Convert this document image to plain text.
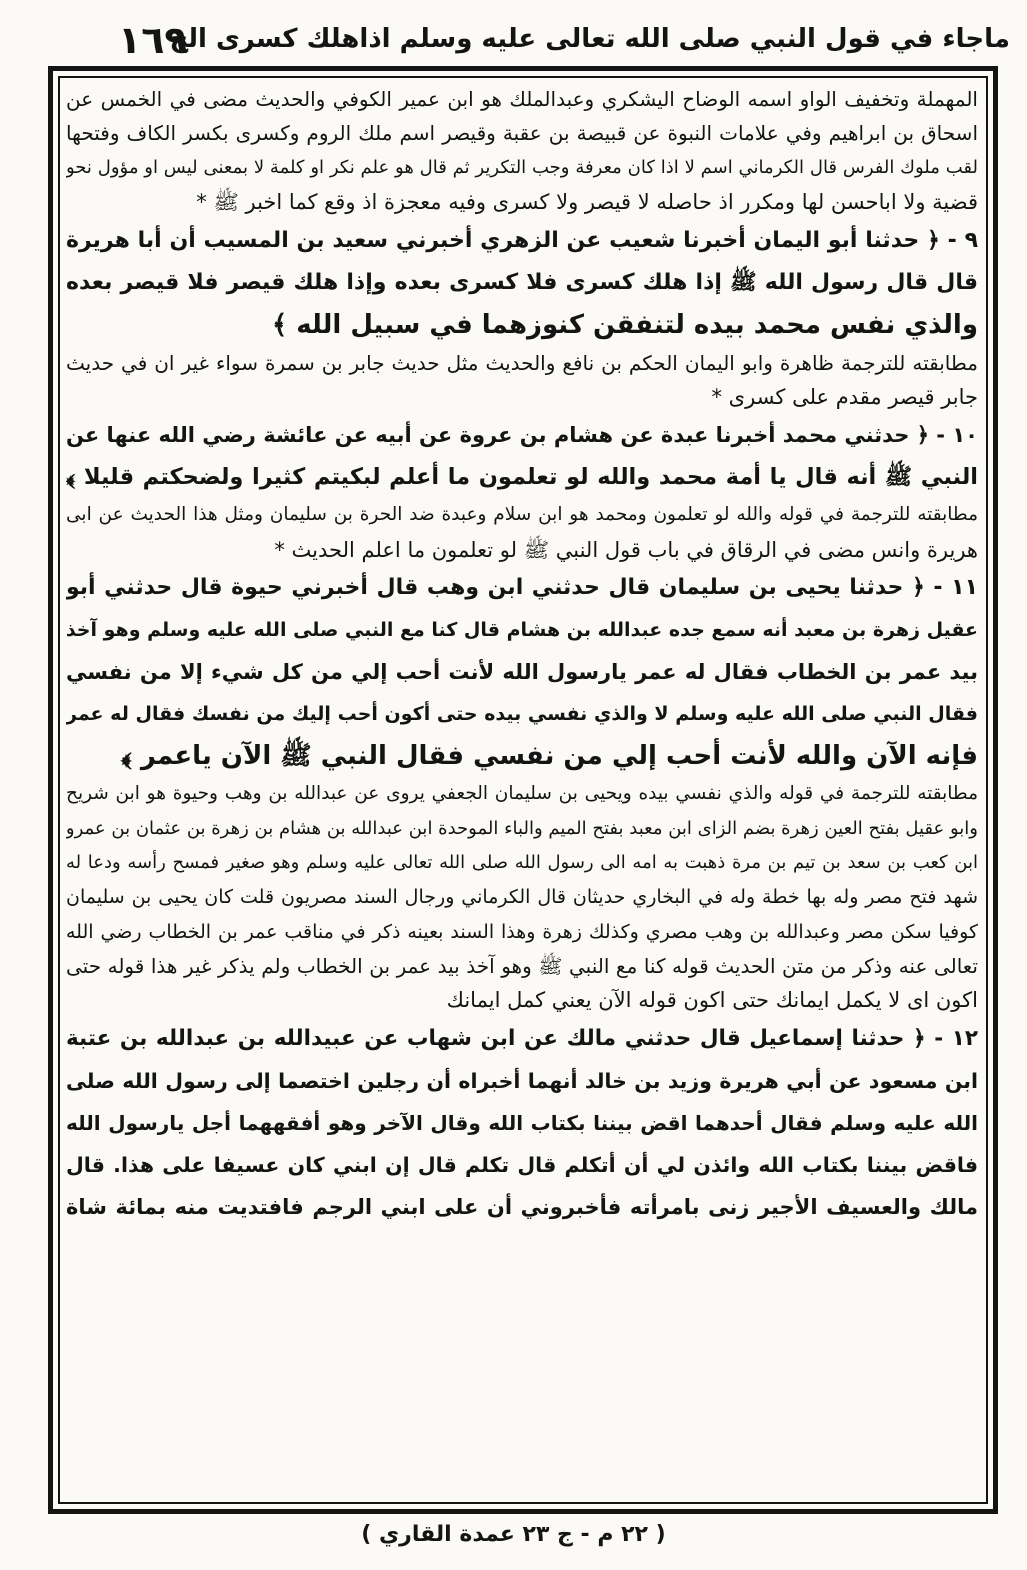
١٦٩
ماجاء في قول النبي صلى الله تعالى عليه وسلم اذاهلك كسرى الخ
المهملة وتخفيف الواو اسمه الوضاح اليشكري وعبدالملك هو ابن عمير الكوفي والحديث مضى في الخمس عن
اسحاق بن ابراهيم وفي علامات النبوة عن قبيصة بن عقبة وقيصر اسم ملك الروم وكسرى بكسر الكاف وفتحها
لقب ملوك الفرس قال الكرماني اسم لا اذا كان معرفة وجب التكرير ثم قال هو علم نكر او كلمة لا بمعنى ليس او مؤول نحو
قضية ولا اباحسن لها ومكرر اذ حاصله لا قيصر ولا كسرى وفيه معجزة اذ وقع كما اخبر ﷺ *
٩ - ﴿ حدثنا أبو اليمان أخبرنا شعيب عن الزهري أخبرني سعيد بن المسيب أن أبا هريرة
قال قال رسول الله ﷺ إذا هلك كسرى فلا كسرى بعده وإذا هلك قيصر فلا قيصر بعده
والذي نفس محمد بيده لتنفقن كنوزهما في سبيل الله ﴾
مطابقته للترجمة ظاهرة وابو اليمان الحكم بن نافع والحديث مثل حديث جابر بن سمرة سواء غير ان في حديث
جابر قيصر مقدم على كسرى *
١٠ - ﴿ حدثني محمد أخبرنا عبدة عن هشام بن عروة عن أبيه عن عائشة رضي الله عنها عن
النبي ﷺ أنه قال يا أمة محمد والله لو تعلمون ما أعلم لبكيتم كثيرا ولضحكتم قليلا ﴾
مطابقته للترجمة في قوله والله لو تعلمون ومحمد هو ابن سلام وعبدة ضد الحرة بن سليمان ومثل هذا الحديث عن ابى
هريرة وانس مضى في الرقاق في باب قول النبي ﷺ لو تعلمون ما اعلم الحديث *
١١ - ﴿ حدثنا يحيى بن سليمان قال حدثني ابن وهب قال أخبرني حيوة قال حدثني أبو
عقيل زهرة بن معبد أنه سمع جده عبدالله بن هشام قال كنا مع النبي صلى الله عليه وسلم وهو آخذ
بيد عمر بن الخطاب فقال له عمر يارسول الله لأنت أحب إلي من كل شيء إلا من نفسي
فقال النبي صلى الله عليه وسلم لا والذي نفسي بيده حتى أكون أحب إليك من نفسك فقال له عمر
فإنه الآن والله لأنت أحب إلي من نفسي فقال النبي ﷺ الآن ياعمر ﴾
مطابقته للترجمة في قوله والذي نفسي بيده ويحيى بن سليمان الجعفي يروى عن عبدالله بن وهب وحيوة هو ابن شريح
وابو عقيل بفتح العين زهرة بضم الزاى ابن معبد بفتح الميم والباء الموحدة ابن عبدالله بن هشام بن زهرة بن عثمان بن عمرو
ابن كعب بن سعد بن تيم بن مرة ذهبت به امه الى رسول الله صلى الله تعالى عليه وسلم وهو صغير فمسح رأسه ودعا له
شهد فتح مصر وله بها خطة وله في البخاري حديثان قال الكرماني ورجال السند مصريون قلت كان يحيى بن سليمان
كوفيا سكن مصر وعبدالله بن وهب مصري وكذلك زهرة وهذا السند بعينه ذكر في مناقب عمر بن الخطاب رضي الله
تعالى عنه وذكر من متن الحديث قوله كنا مع النبي ﷺ وهو آخذ بيد عمر بن الخطاب ولم يذكر غير هذا قوله حتى
اكون اى لا يكمل ايمانك حتى اكون قوله الآن يعني كمل ايمانك
١٢ - ﴿ حدثنا إسماعيل قال حدثني مالك عن ابن شهاب عن عبيدالله بن عبدالله بن عتبة
ابن مسعود عن أبي هريرة وزيد بن خالد أنهما أخبراه أن رجلين اختصما إلى رسول الله صلى
الله عليه وسلم فقال أحدهما اقض بيننا بكتاب الله وقال الآخر وهو أفقههما أجل يارسول الله
فاقض بيننا بكتاب الله وائذن لي أن أتكلم قال تكلم قال إن ابني كان عسيفا على هذا. قال
مالك والعسيف الأجير زنى بامرأته فأخبروني أن على ابني الرجم فافتديت منه بمائة شاة
( ٢٢ م - ج ٢٣ عمدة القاري )
